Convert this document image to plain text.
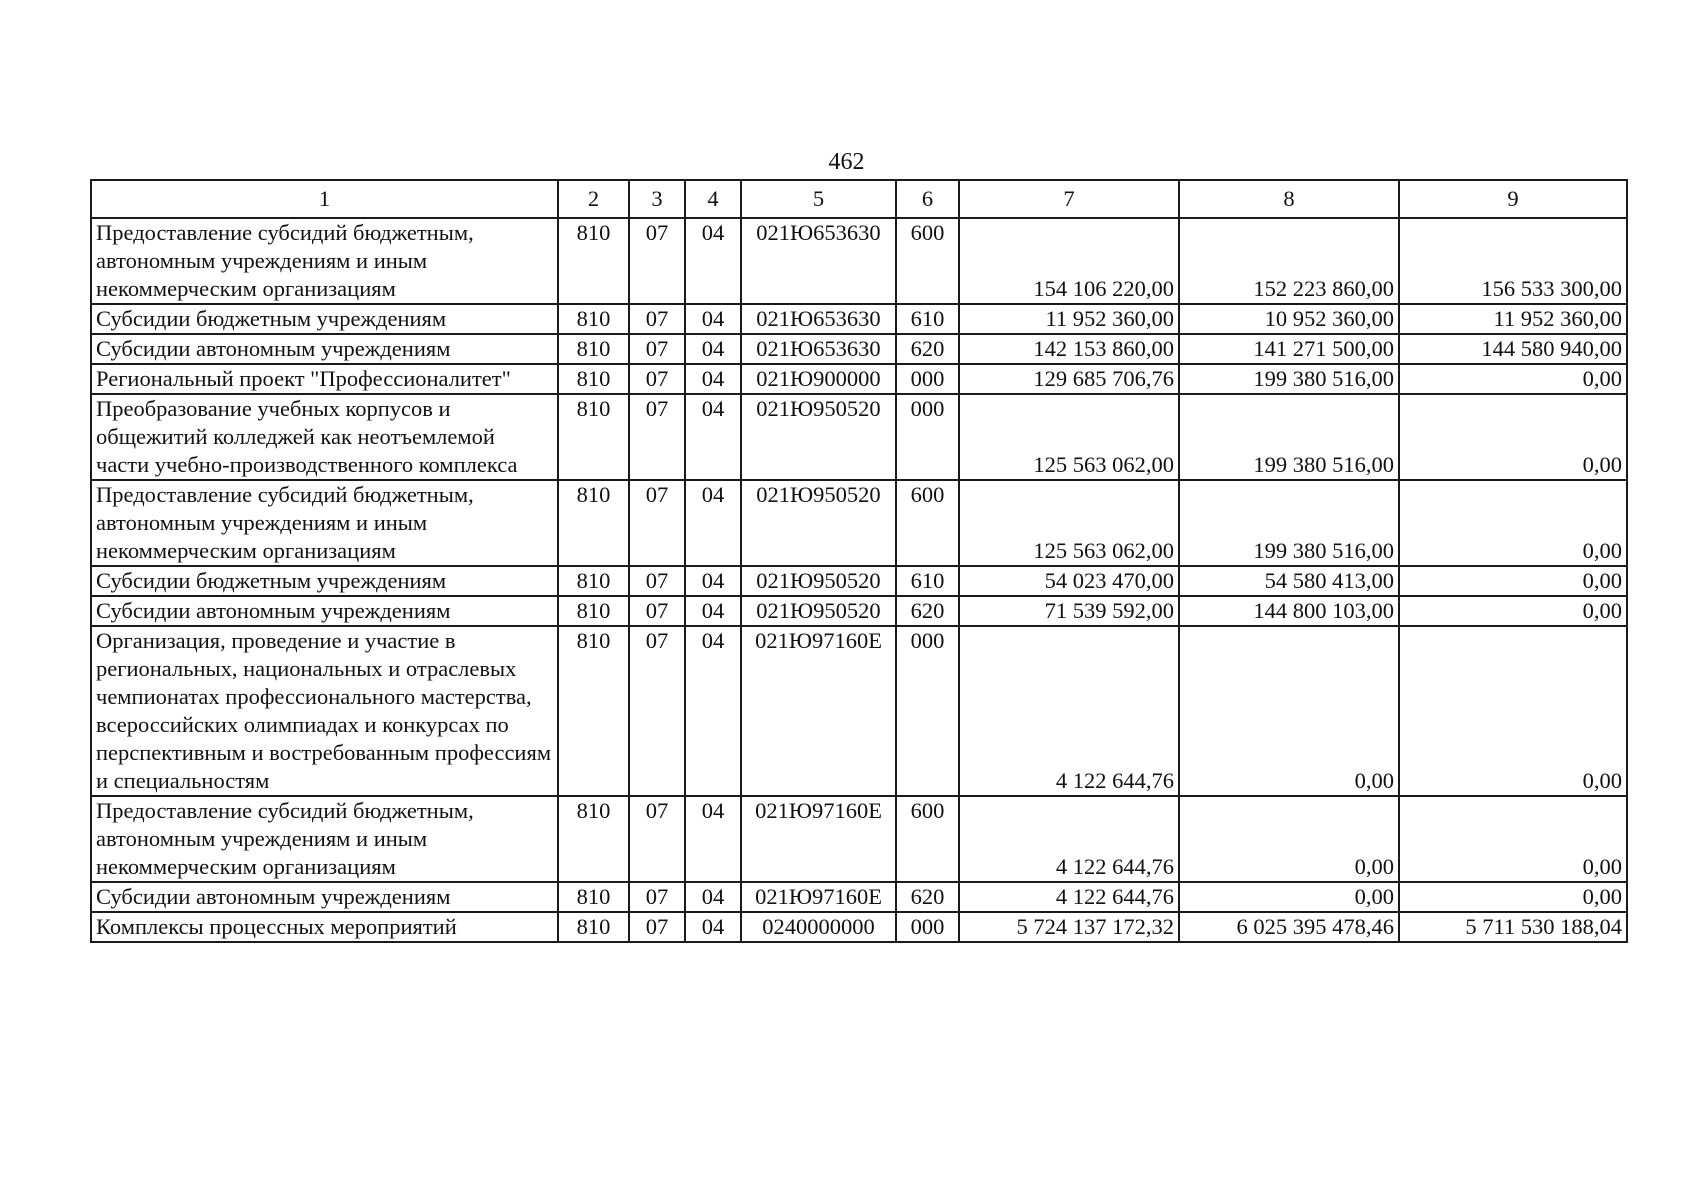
462
1	2	3	4	5	6	7	8	9
Предоставление субсидий бюджетным, автономным учреждениям и иным некоммерческим организациям	810	07	04	021Ю653630	600	154 106 220,00	152 223 860,00	156 533 300,00
Субсидии бюджетным учреждениям	810	07	04	021Ю653630	610	11 952 360,00	10 952 360,00	11 952 360,00
Субсидии автономным учреждениям	810	07	04	021Ю653630	620	142 153 860,00	141 271 500,00	144 580 940,00
Региональный проект "Профессионалитет"	810	07	04	021Ю900000	000	129 685 706,76	199 380 516,00	0,00
Преобразование учебных корпусов и общежитий колледжей как неотъемлемой части учебно-производственного комплекса	810	07	04	021Ю950520	000	125 563 062,00	199 380 516,00	0,00
Предоставление субсидий бюджетным, автономным учреждениям и иным некоммерческим организациям	810	07	04	021Ю950520	600	125 563 062,00	199 380 516,00	0,00
Субсидии бюджетным учреждениям	810	07	04	021Ю950520	610	54 023 470,00	54 580 413,00	0,00
Субсидии автономным учреждениям	810	07	04	021Ю950520	620	71 539 592,00	144 800 103,00	0,00
Организация, проведение и участие в региональных, национальных и отраслевых чемпионатах профессионального мастерства, всероссийских олимпиадах и конкурсах по перспективным и востребованным профессиям и специальностям	810	07	04	021Ю97160Е	000	4 122 644,76	0,00	0,00
Предоставление субсидий бюджетным, автономным учреждениям и иным некоммерческим организациям	810	07	04	021Ю97160Е	600	4 122 644,76	0,00	0,00
Субсидии автономным учреждениям	810	07	04	021Ю97160Е	620	4 122 644,76	0,00	0,00
Комплексы процессных мероприятий	810	07	04	0240000000	000	5 724 137 172,32	6 025 395 478,46	5 711 530 188,04
